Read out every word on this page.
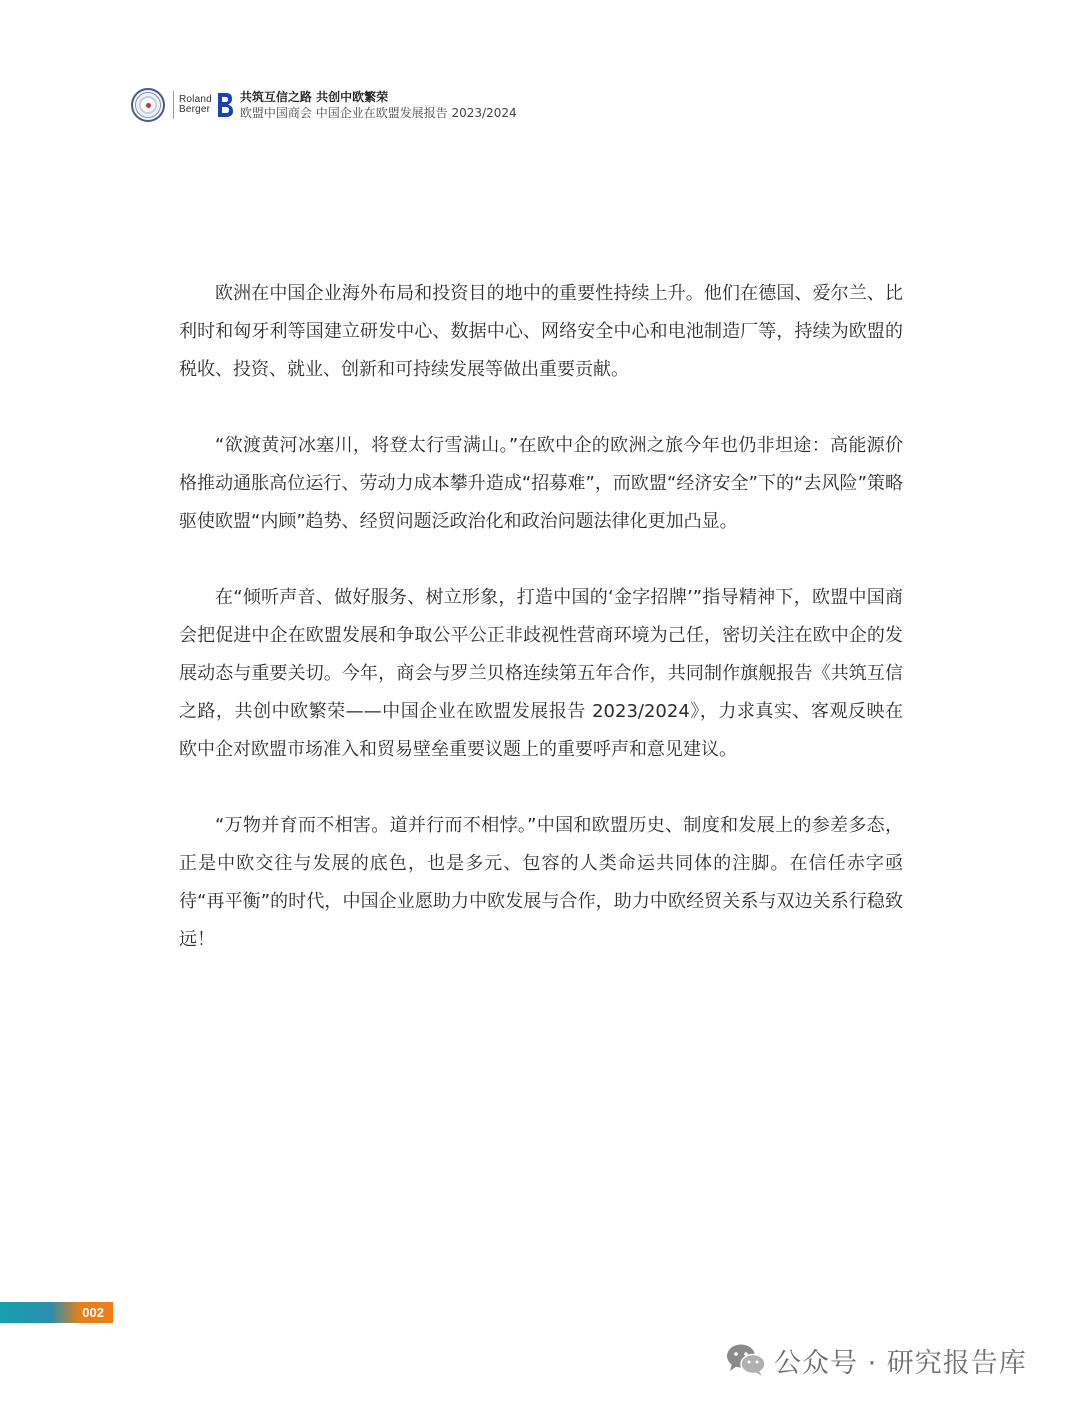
Roland
Berger
共筑互信之路 共创中欧繁荣
欧盟中国商会 中国企业在欧盟发展报告 2023/2024

欧洲在中国企业海外布局和投资目的地中的重要性持续上升。他们在德国、爱尔兰、比利时和匈牙利等国建立研发中心、数据中心、网络安全中心和电池制造厂等，持续为欧盟的税收、投资、就业、创新和可持续发展等做出重要贡献。

“欲渡黄河冰塞川，将登太行雪满山。”在欧中企的欧洲之旅今年也仍非坦途：高能源价格推动通胀高位运行、劳动力成本攀升造成“招募难”，而欧盟“经济安全”下的“去风险”策略驱使欧盟“内顾”趋势、经贸问题泛政治化和政治问题法律化更加凸显。

在“倾听声音、做好服务、树立形象，打造中国的‘金字招牌’”指导精神下，欧盟中国商会把促进中企在欧盟发展和争取公平公正非歧视性营商环境为己任，密切关注在欧中企的发展动态与重要关切。今年，商会与罗兰贝格连续第五年合作，共同制作旗舰报告《共筑互信之路，共创中欧繁荣——中国企业在欧盟发展报告 2023/2024》，力求真实、客观反映在欧中企对欧盟市场准入和贸易壁垒重要议题上的重要呼声和意见建议。

“万物并育而不相害。道并行而不相悖。”中国和欧盟历史、制度和发展上的参差多态，正是中欧交往与发展的底色，也是多元、包容的人类命运共同体的注脚。在信任赤字亟待“再平衡”的时代，中国企业愿助力中欧发展与合作，助力中欧经贸关系与双边关系行稳致远！

002
公众号 · 研究报告库
